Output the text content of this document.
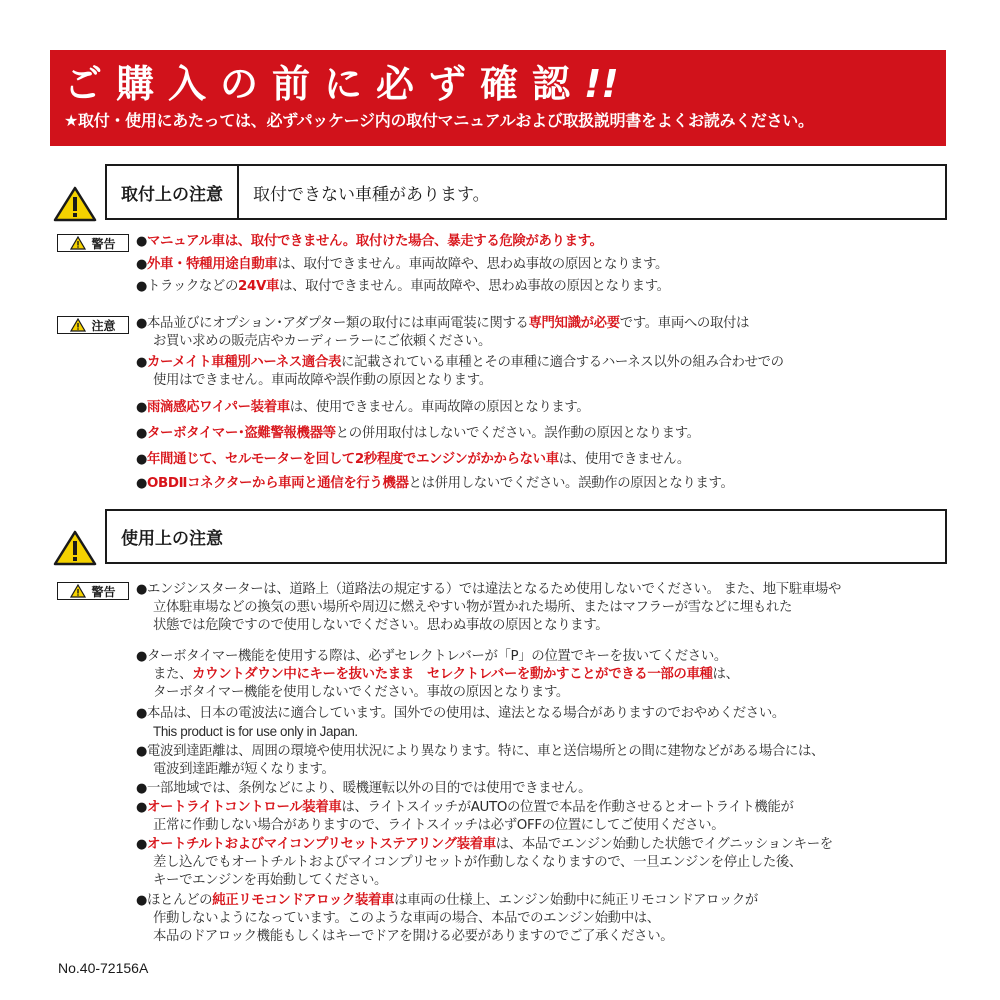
ご購入の前に必ず確認!!
★取付・使用にあたっては、必ずパッケージ内の取付マニュアルおよび取扱説明書をよくお読みください。
取付上の注意	取付できない車種があります。
警告 ●マニュアル車は、取付できません。取付けた場合、暴走する危険があります。
●外車・特種用途自動車は、取付できません。車両故障や、思わぬ事故の原因となります。
●トラックなどの24V車は、取付できません。車両故障や、思わぬ事故の原因となります。
注意 ●本品並びにオプション･アダプター類の取付には車両電装に関する専門知識が必要です。車両への取付は
お買い求めの販売店やカーディーラーにご依頼ください。
●カーメイト車種別ハーネス適合表に記載されている車種とその車種に適合するハーネス以外の組み合わせでの
使用はできません。車両故障や誤作動の原因となります。
●雨滴感応ワイパー装着車は、使用できません。車両故障の原因となります。
●ターボタイマー･盗難警報機器等との併用取付はしないでください。誤作動の原因となります。
●年間通じて、セルモーターを回して2秒程度でエンジンがかからない車は、使用できません。
●OBDⅡコネクターから車両と通信を行う機器とは併用しないでください。誤動作の原因となります。
使用上の注意
警告 ●エンジンスターターは、道路上（道路法の規定する）では違法となるため使用しないでください。 また、地下駐車場や
立体駐車場などの換気の悪い場所や周辺に燃えやすい物が置かれた場所、またはマフラーが雪などに埋もれた
状態では危険ですので使用しないでください。思わぬ事故の原因となります。
●ターボタイマー機能を使用する際は、必ずセレクトレバーが「P」の位置でキーを抜いてください。
また、カウントダウン中にキーを抜いたまま　セレクトレバーを動かすことができる一部の車種は、
ターボタイマー機能を使用しないでください。事故の原因となります。
●本品は、日本の電波法に適合しています。国外での使用は、違法となる場合がありますのでおやめください。
This product is for use only in Japan.
●電波到達距離は、周囲の環境や使用状況により異なります。特に、車と送信場所との間に建物などがある場合には、
電波到達距離が短くなります。
●一部地域では、条例などにより、暖機運転以外の目的では使用できません。
●オートライトコントロール装着車は、ライトスイッチがAUTOの位置で本品を作動させるとオートライト機能が
正常に作動しない場合がありますので、ライトスイッチは必ずOFFの位置にしてご使用ください。
●オートチルトおよびマイコンプリセットステアリング装着車は、本品でエンジン始動した状態でイグニッションキーを
差し込んでもオートチルトおよびマイコンプリセットが作動しなくなりますので、一旦エンジンを停止した後、
キーでエンジンを再始動してください。
●ほとんどの純正リモコンドアロック装着車は車両の仕様上、エンジン始動中に純正リモコンドアロックが
作動しないようになっています。このような車両の場合、本品でのエンジン始動中は、
本品のドアロック機能もしくはキーでドアを開ける必要がありますのでご了承ください。
No.40-72156A
